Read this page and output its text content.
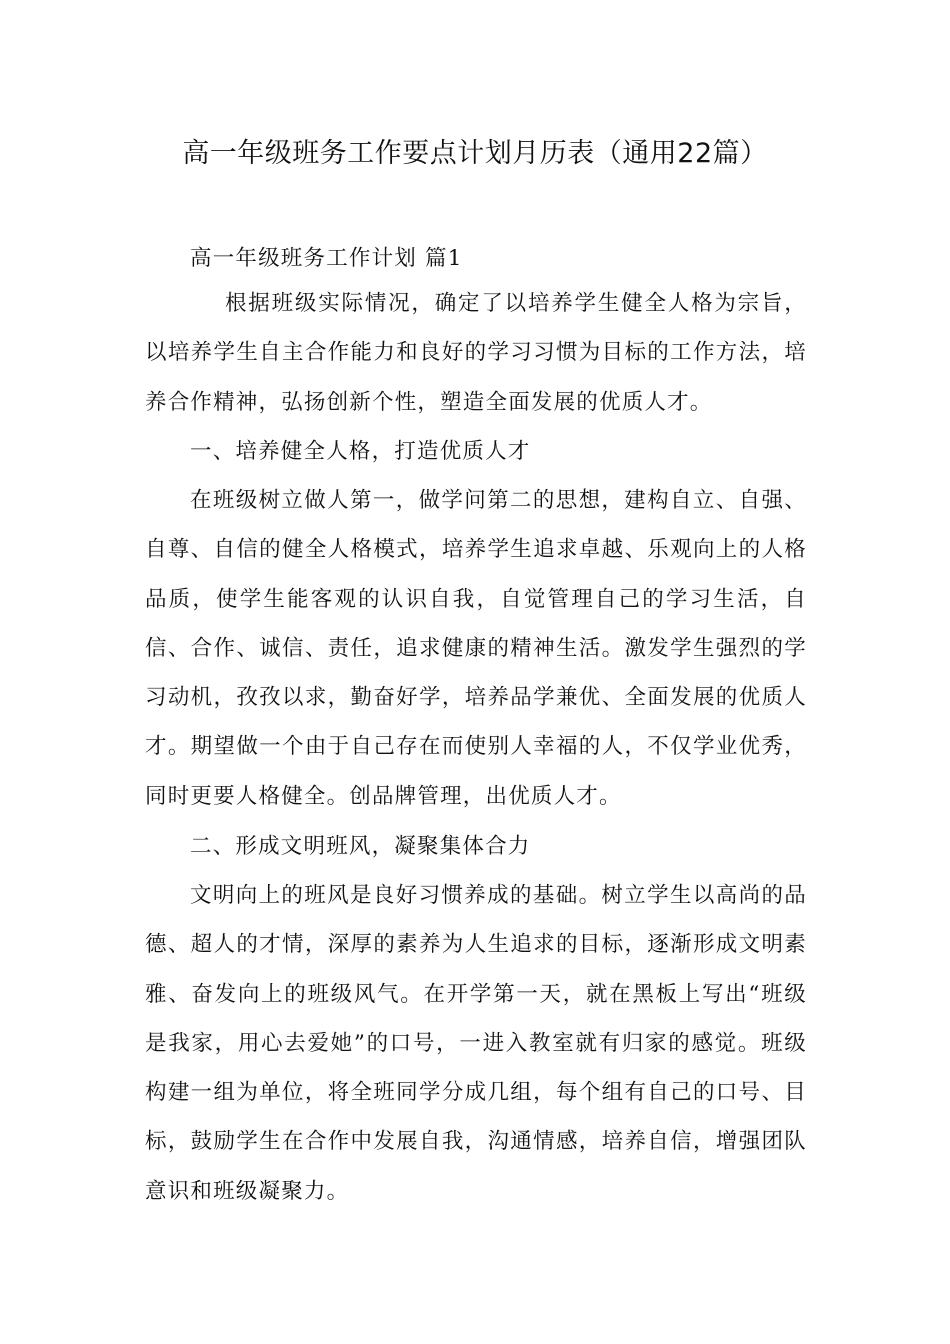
高一年级班务工作要点计划月历表（通用22篇）

高一年级班务工作计划 篇1

根据班级实际情况，确定了以培养学生健全人格为宗旨，以培养学生自主合作能力和良好的学习习惯为目标的工作方法，培养合作精神，弘扬创新个性，塑造全面发展的优质人才。

一、培养健全人格，打造优质人才

在班级树立做人第一，做学问第二的思想，建构自立、自强、自尊、自信的健全人格模式，培养学生追求卓越、乐观向上的人格品质，使学生能客观的认识自我，自觉管理自己的学习生活，自信、合作、诚信、责任，追求健康的精神生活。激发学生强烈的学习动机，孜孜以求，勤奋好学，培养品学兼优、全面发展的优质人才。期望做一个由于自己存在而使别人幸福的人，不仅学业优秀，同时更要人格健全。创品牌管理，出优质人才。

二、形成文明班风，凝聚集体合力

文明向上的班风是良好习惯养成的基础。树立学生以高尚的品德、超人的才情，深厚的素养为人生追求的目标，逐渐形成文明素雅、奋发向上的班级风气。在开学第一天，就在黑板上写出“班级是我家，用心去爱她”的口号，一进入教室就有归家的感觉。班级构建一组为单位，将全班同学分成几组，每个组有自己的口号、目标，鼓励学生在合作中发展自我，沟通情感，培养自信，增强团队意识和班级凝聚力。
